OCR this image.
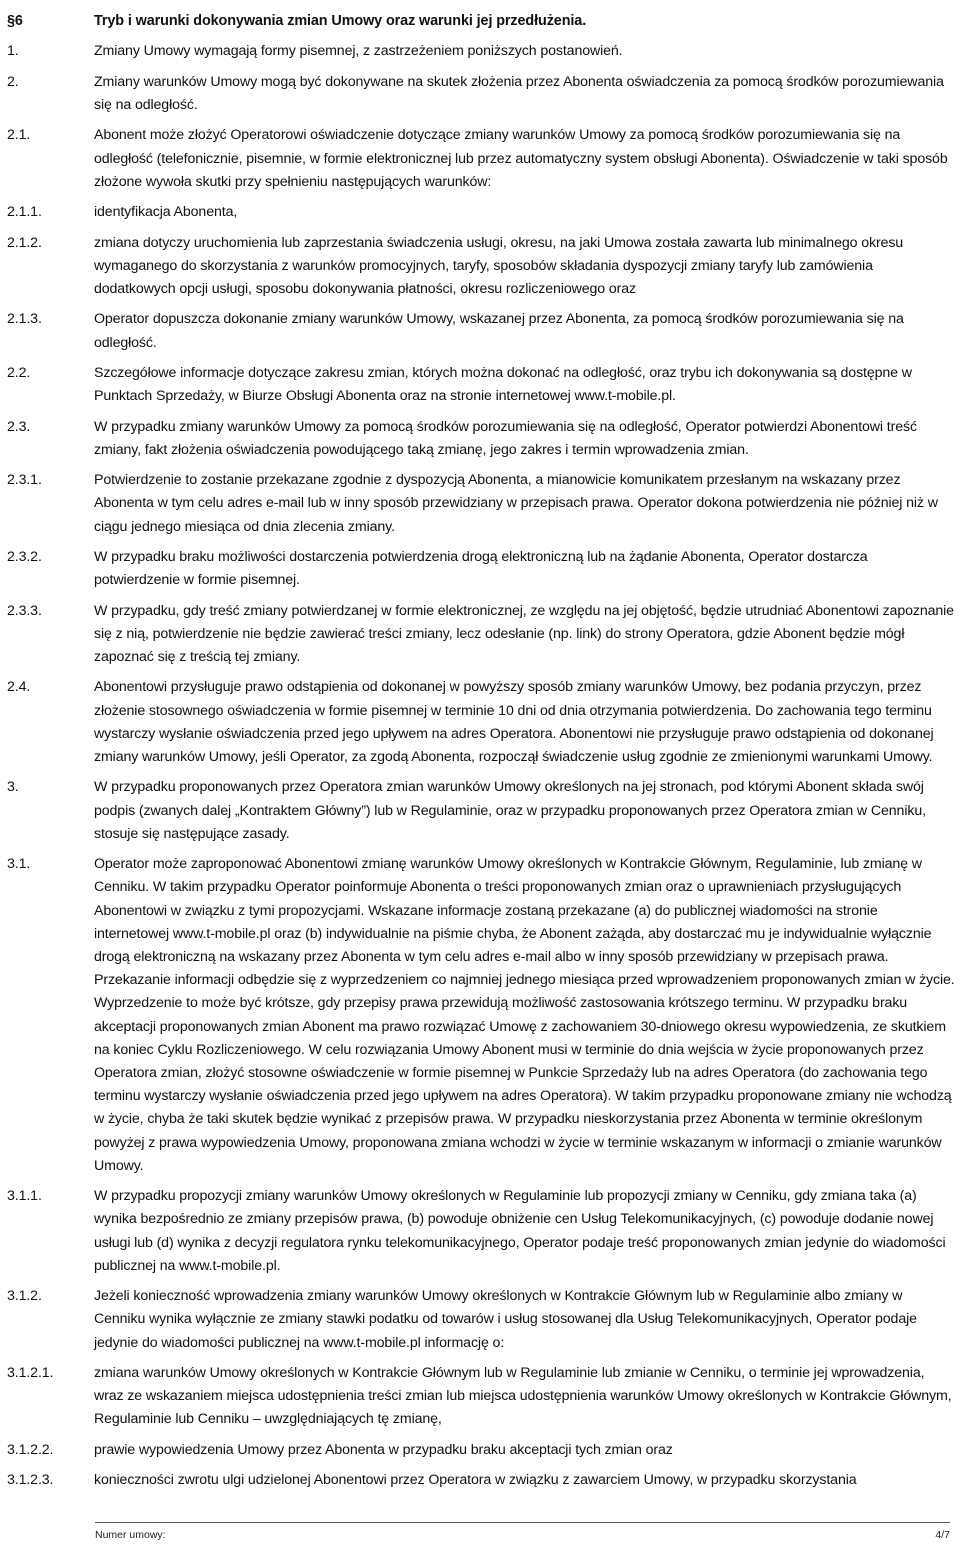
§6	Tryb i warunki dokonywania zmian Umowy oraz warunki jej przedłużenia.
1.	Zmiany Umowy wymagają formy pisemnej, z zastrzeżeniem poniższych postanowień.
2.	Zmiany warunków Umowy mogą być dokonywane na skutek złożenia przez Abonenta oświadczenia za pomocą środków porozumiewania się na odległość.
2.1.	Abonent może złożyć Operatorowi oświadczenie dotyczące zmiany warunków Umowy za pomocą środków porozumiewania się na odległość (telefonicznie, pisemnie, w formie elektronicznej lub przez automatyczny system obsługi Abonenta). Oświadczenie w taki sposób złożone wywoła skutki przy spełnieniu następujących warunków:
2.1.1.	identyfikacja Abonenta,
2.1.2.	zmiana dotyczy uruchomienia lub zaprzestania świadczenia usługi, okresu, na jaki Umowa została zawarta lub minimalnego okresu wymaganego do skorzystania z warunków promocyjnych, taryfy, sposobów składania dyspozycji zmiany taryfy lub zamówienia dodatkowych opcji usługi, sposobu dokonywania płatności, okresu rozliczeniowego oraz
2.1.3.	Operator dopuszcza dokonanie zmiany warunków Umowy, wskazanej przez Abonenta, za pomocą środków porozumiewania się na odległość.
2.2.	Szczegółowe informacje dotyczące zakresu zmian, których można dokonać na odległość, oraz trybu ich dokonywania są dostępne w Punktach Sprzedaży, w Biurze Obsługi Abonenta oraz na stronie internetowej www.t-mobile.pl.
2.3.	W przypadku zmiany warunków Umowy za pomocą środków porozumiewania się na odległość, Operator potwierdzi Abonentowi treść zmiany, fakt złożenia oświadczenia powodującego taką zmianę, jego zakres i termin wprowadzenia zmian.
2.3.1.	Potwierdzenie to zostanie przekazane zgodnie z dyspozycją Abonenta, a mianowicie komunikatem przesłanym na wskazany przez Abonenta w tym celu adres e-mail lub w inny sposób przewidziany w przepisach prawa. Operator dokona potwierdzenia nie później niż w ciągu jednego miesiąca od dnia zlecenia zmiany.
2.3.2.	W przypadku braku możliwości dostarczenia potwierdzenia drogą elektroniczną lub na żądanie Abonenta, Operator dostarcza potwierdzenie w formie pisemnej.
2.3.3.	W przypadku, gdy treść zmiany potwierdzanej w formie elektronicznej, ze względu na jej objętość, będzie utrudniać Abonentowi zapoznanie się z nią, potwierdzenie nie będzie zawierać treści zmiany, lecz odesłanie (np. link) do strony Operatora, gdzie Abonent będzie mógł zapoznać się z treścią tej zmiany.
2.4.	Abonentowi przysługuje prawo odstąpienia od dokonanej w powyższy sposób zmiany warunków Umowy, bez podania przyczyn, przez złożenie stosownego oświadczenia w formie pisemnej w terminie 10 dni od dnia otrzymania potwierdzenia. Do zachowania tego terminu wystarczy wysłanie oświadczenia przed jego upływem na adres Operatora. Abonentowi nie przysługuje prawo odstąpienia od dokonanej zmiany warunków Umowy, jeśli Operator, za zgodą Abonenta, rozpoczął świadczenie usług zgodnie ze zmienionymi warunkami Umowy.
3.	W przypadku proponowanych przez Operatora zmian warunków Umowy określonych na jej stronach, pod którymi Abonent składa swój podpis (zwanych dalej „Kontraktem Główny”) lub w Regulaminie, oraz w przypadku proponowanych przez Operatora zmian w Cenniku, stosuje się następujące zasady.
3.1.	Operator może zaproponować Abonentowi zmianę warunków Umowy określonych w Kontrakcie Głównym, Regulaminie, lub zmianę w Cenniku. W takim przypadku Operator poinformuje Abonenta o treści proponowanych zmian oraz o uprawnieniach przysługujących Abonentowi w związku z tymi propozycjami. Wskazane informacje zostaną przekazane (a) do publicznej wiadomości na stronie internetowej www.t-mobile.pl oraz (b) indywidualnie na piśmie chyba, że Abonent zażąda, aby dostarczać mu je indywidualnie wyłącznie drogą elektroniczną na wskazany przez Abonenta w tym celu adres e-mail albo w inny sposób przewidziany w przepisach prawa. Przekazanie informacji odbędzie się z wyprzedzeniem co najmniej jednego miesiąca przed wprowadzeniem proponowanych zmian w życie. Wyprzedzenie to może być krótsze, gdy przepisy prawa przewidują możliwość zastosowania krótszego terminu. W przypadku braku akceptacji proponowanych zmian Abonent ma prawo rozwiązać Umowę z zachowaniem 30-dniowego okresu wypowiedzenia, ze skutkiem na koniec Cyklu Rozliczeniowego. W celu rozwiązania Umowy Abonent musi w terminie do dnia wejścia w życie proponowanych przez Operatora zmian, złożyć stosowne oświadczenie w formie pisemnej w Punkcie Sprzedaży lub na adres Operatora (do zachowania tego terminu wystarczy wysłanie oświadczenia przed jego upływem na adres Operatora). W takim przypadku proponowane zmiany nie wchodzą w życie, chyba że taki skutek będzie wynikać z przepisów prawa. W przypadku nieskorzystania przez Abonenta w terminie określonym powyżej z prawa wypowiedzenia Umowy, proponowana zmiana wchodzi w życie w terminie wskazanym w informacji o zmianie warunków Umowy.
3.1.1.	W przypadku propozycji zmiany warunków Umowy określonych w Regulaminie lub propozycji zmiany w Cenniku, gdy zmiana taka (a) wynika bezpośrednio ze zmiany przepisów prawa, (b) powoduje obniżenie cen Usług Telekomunikacyjnych, (c) powoduje dodanie nowej usługi lub (d) wynika z decyzji regulatora rynku telekomunikacyjnego, Operator podaje treść proponowanych zmian jedynie do wiadomości publicznej na www.t-mobile.pl.
3.1.2.	Jeżeli konieczność wprowadzenia zmiany warunków Umowy określonych w Kontrakcie Głównym lub w Regulaminie albo zmiany w Cenniku wynika wyłącznie ze zmiany stawki podatku od towarów i usług stosowanej dla Usług Telekomunikacyjnych, Operator podaje jedynie do wiadomości publicznej na www.t-mobile.pl informację o:
3.1.2.1.	zmiana warunków Umowy określonych w Kontrakcie Głównym lub w Regulaminie lub zmianie w Cenniku, o terminie jej wprowadzenia, wraz ze wskazaniem miejsca udostępnienia treści zmian lub miejsca udostępnienia warunków Umowy określonych w Kontrakcie Głównym, Regulaminie lub Cenniku – uwzględniających tę zmianę,
3.1.2.2.	prawie wypowiedzenia Umowy przez Abonenta w przypadku braku akceptacji tych zmian oraz
3.1.2.3.	konieczności zwrotu ulgi udzielonej Abonentowi przez Operatora w związku z zawarciem Umowy, w przypadku skorzystania
Numer umowy:	4/7
